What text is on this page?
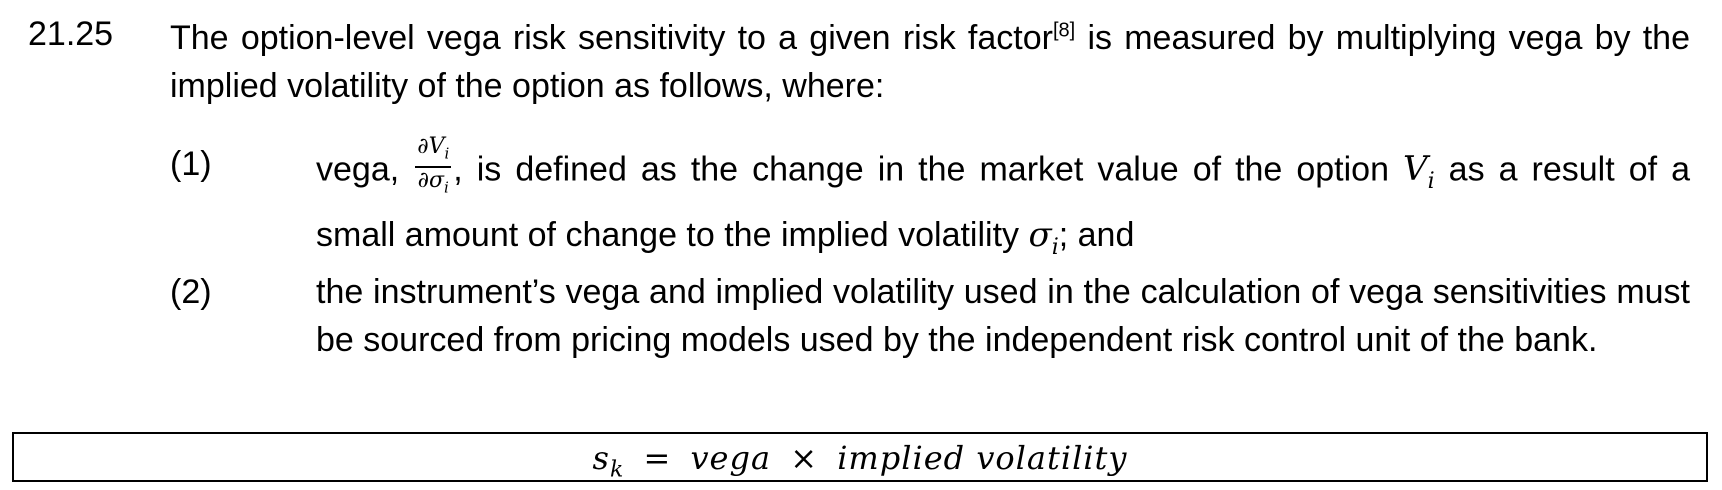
21.25 The option-level vega risk sensitivity to a given risk factor[8] is measured by multiplying vega by the implied volatility of the option as follows, where:
(1)	vega, $\frac{\partial V_i}{\partial\sigma_i}$ , is defined as the change in the market value of the option $V_i$ as a result of a small amount of change to the implied volatility $\sigma_i$; and
(2)	the instrument’s vega and implied volatility used in the calculation of vega sensitivities must be sourced from pricing models used by the independent risk control unit of the bank.
$s_k$ = vega × implied volatility
